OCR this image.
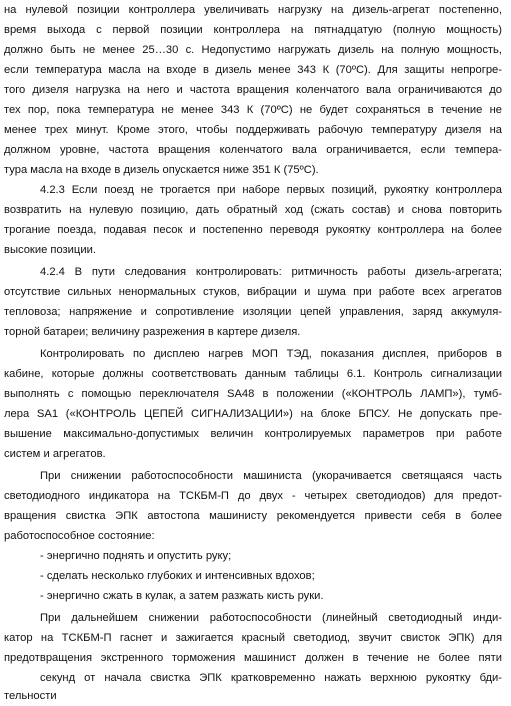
на нулевой позиции контроллера увеличивать нагрузку на дизель-агрегат постепенно,
время выхода с первой позиции контроллера на пятнадцатую (полную мощность)
должно быть не менее 25…30 с. Недопустимо нагружать дизель на полную мощность,
если температура масла на входе в дизель менее 343 К (70ºС). Для защиты непрогре-
того дизеля нагрузка на него и частота вращения коленчатого вала ограничиваются до
тех пор, пока температура не менее 343 К (70ºС) не будет сохраняться в течение не
менее трех минут. Кроме этого, чтобы поддерживать рабочую температуру дизеля на
должном уровне, частота вращения коленчатого вала ограничивается, если темпера-
тура масла на входе в дизель опускается ниже 351 К (75ºС).
4.2.3 Если поезд не трогается при наборе первых позиций, рукоятку контроллера
возвратить на нулевую позицию, дать обратный ход (сжать состав) и снова повторить
трогание поезда, подавая песок и постепенно переводя рукоятку контроллера на более
высокие позиции.
4.2.4 В пути следования контролировать: ритмичность работы дизель-агрегата;
отсутствие сильных ненормальных стуков, вибрации и шума при работе всех агрегатов
тепловоза; напряжение и сопротивление изоляции цепей управления, заряд аккумуля-
торной батареи; величину разрежения в картере дизеля.
Контролировать по дисплею нагрев МОП ТЭД, показания дисплея, приборов в
кабине, которые должны соответствовать данным таблицы 6.1. Контроль сигнализации
выполнять с помощью переключателя SA48 в положении («КОНТРОЛЬ ЛАМП»), тумб-
лера SA1 («КОНТРОЛЬ ЦЕПЕЙ СИГНАЛИЗАЦИИ») на блоке БПСУ. Не допускать пре-
вышение максимально-допустимых величин контролируемых параметров при работе
систем и агрегатов.
При снижении работоспособности машиниста (укорачивается светящаяся часть
светодиодного индикатора на ТСКБМ-П до двух - четырех светодиодов) для предот-
вращения свистка ЭПК автостопа машинисту рекомендуется привести себя в более
работоспособное состояние:
- энергично поднять и опустить руку;
- сделать несколько глубоких и интенсивных вдохов;
- энергично сжать в кулак, а затем разжать кисть руки.
При дальнейшем снижении работоспособности (линейный светодиодный инди-
катор на ТСКБМ-П гаснет и зажигается красный светодиод, звучит свисток ЭПК) для
предотвращения экстренного торможения машинист должен в течение не более пяти
секунд от начала свистка ЭПК кратковременно нажать верхнюю рукоятку бди-
тельности
